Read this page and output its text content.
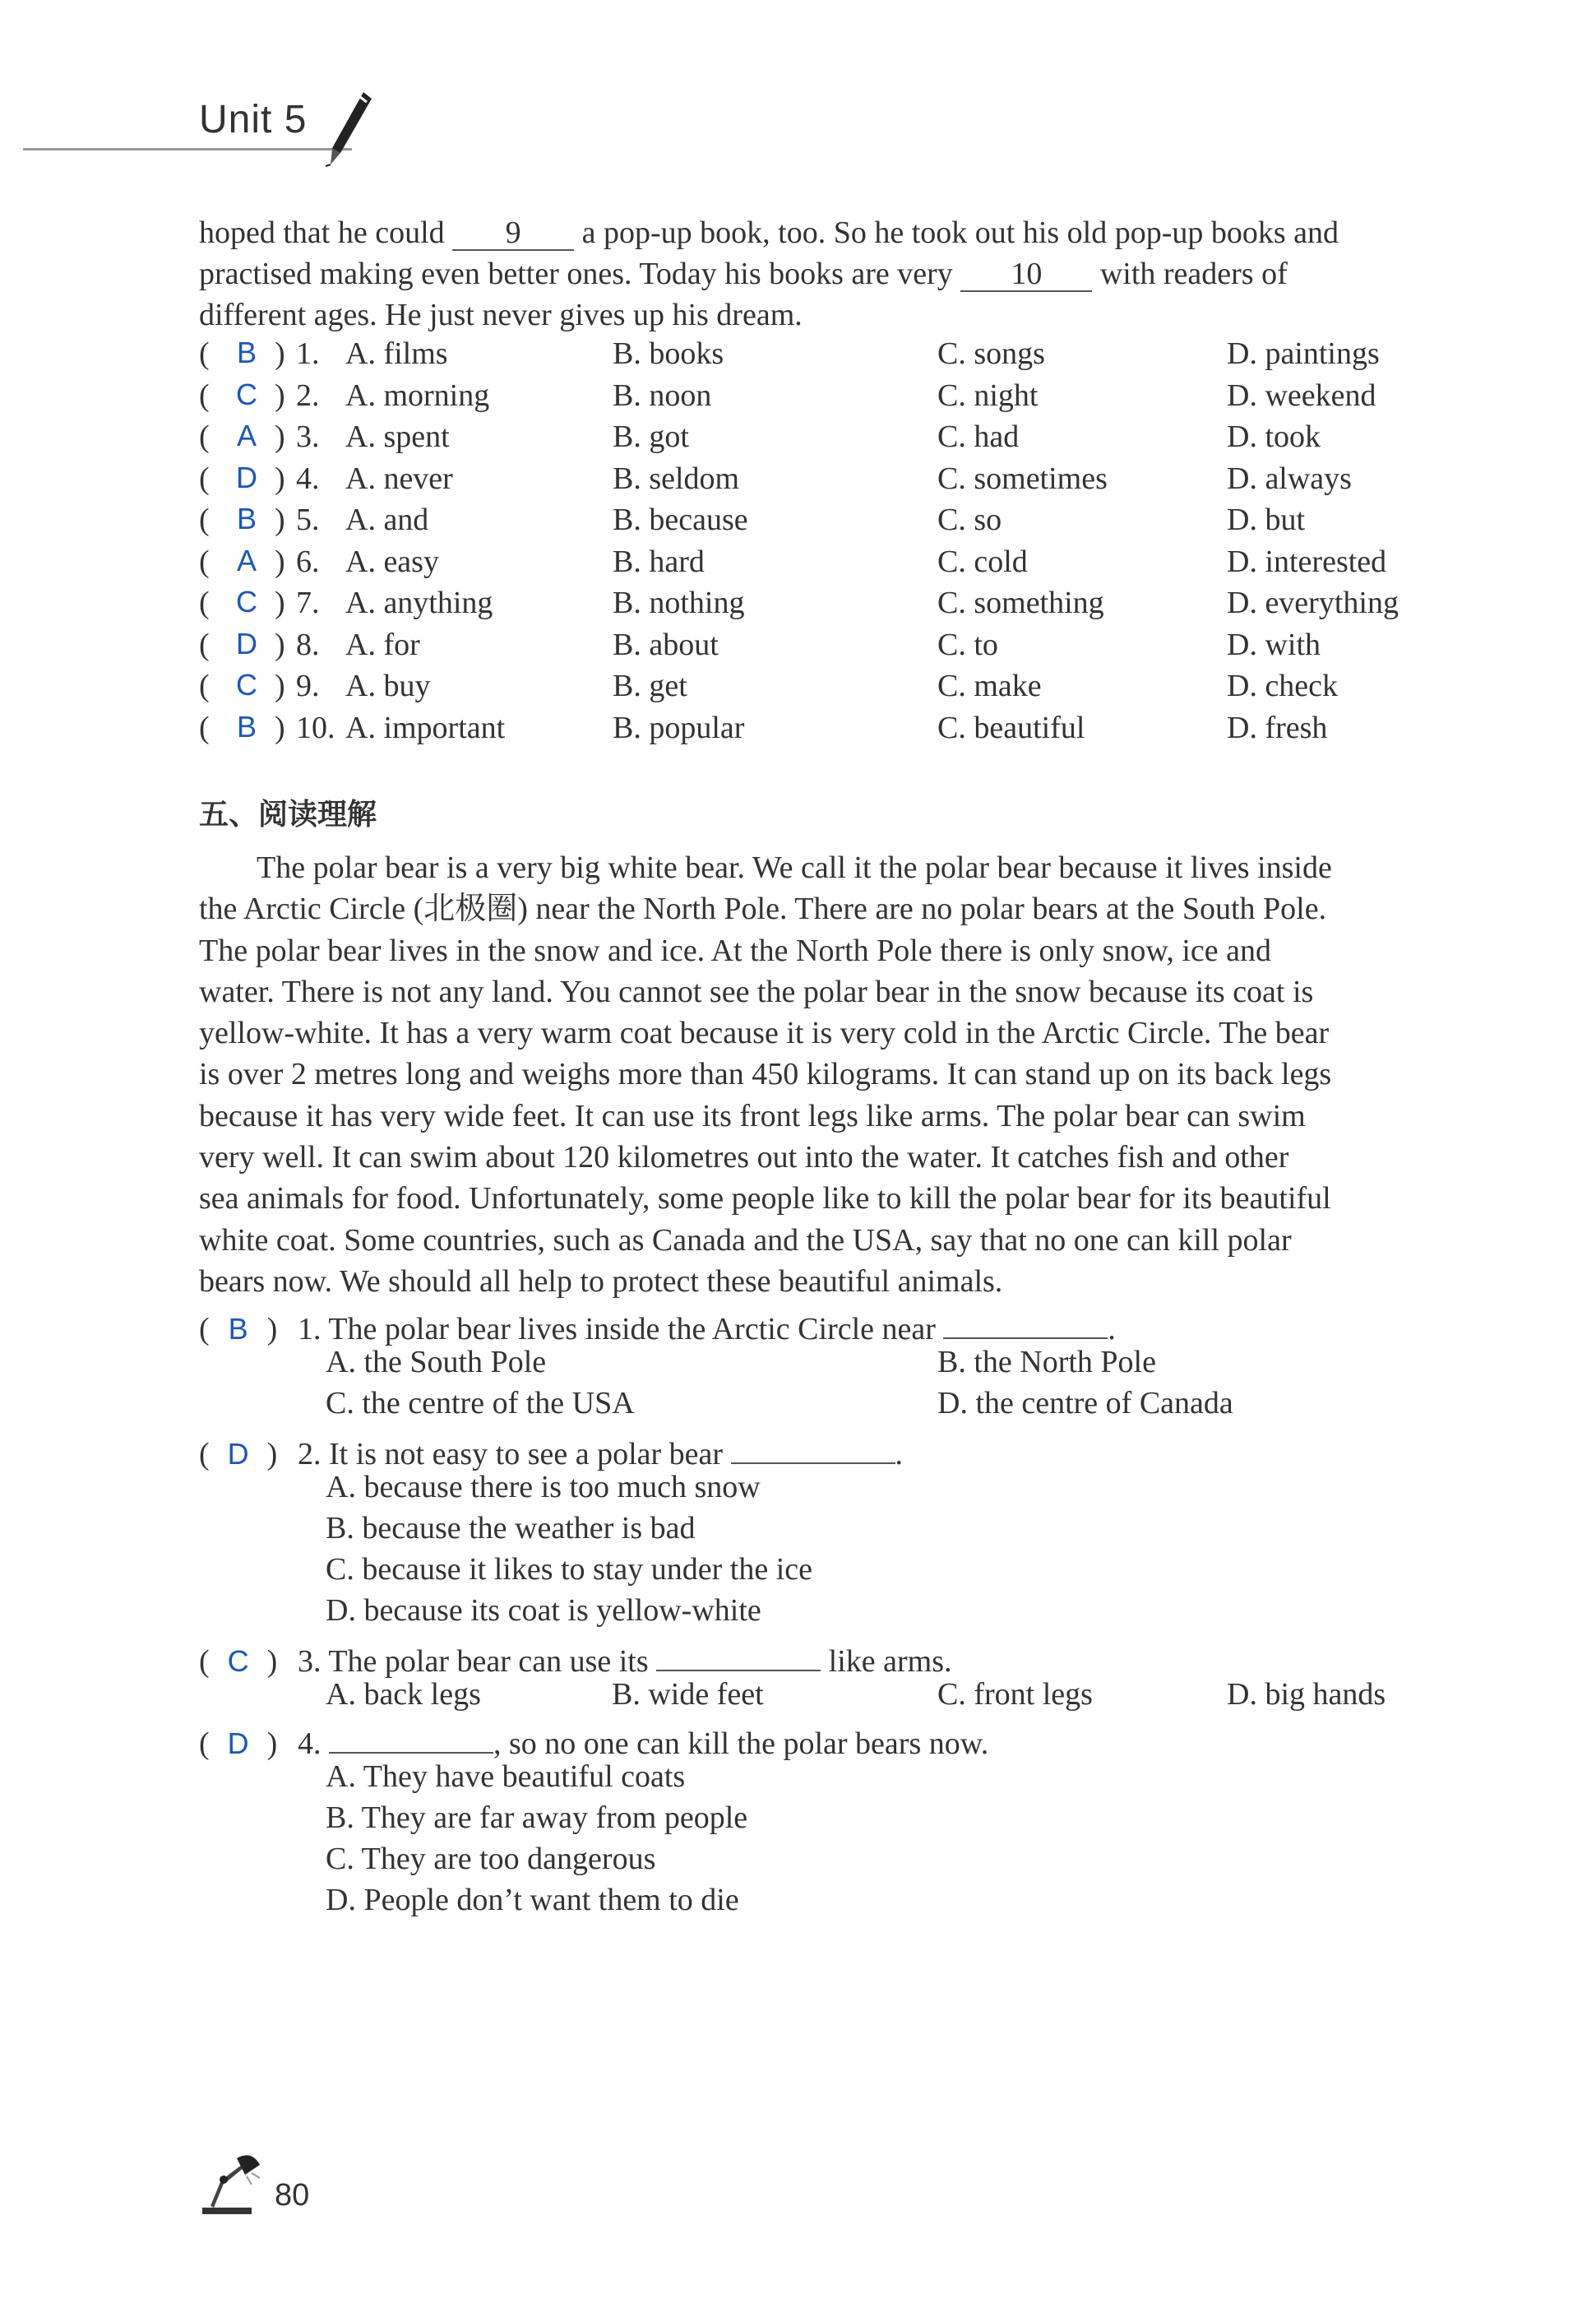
Unit 5
hoped that he could 9 a pop-up book, too. So he took out his old pop-up books and
practised making even better ones. Today his books are very 10 with readers of
different ages. He just never gives up his dream.
( B ) 1. A. films	B. books	C. songs	D. paintings
( C ) 2. A. morning	B. noon	C. night	D. weekend
( A ) 3. A. spent	B. got	C. had	D. took
( D ) 4. A. never	B. seldom	C. sometimes	D. always
( B ) 5. A. and	B. because	C. so	D. but
( A ) 6. A. easy	B. hard	C. cold	D. interested
( C ) 7. A. anything	B. nothing	C. something	D. everything
( D ) 8. A. for	B. about	C. to	D. with
( C ) 9. A. buy	B. get	C. make	D. check
( B ) 10. A. important	B. popular	C. beautiful	D. fresh
五、阅读理解
The polar bear is a very big white bear. We call it the polar bear because it lives inside
the Arctic Circle (北极圈) near the North Pole. There are no polar bears at the South Pole.
The polar bear lives in the snow and ice. At the North Pole there is only snow, ice and
water. There is not any land. You cannot see the polar bear in the snow because its coat is
yellow-white. It has a very warm coat because it is very cold in the Arctic Circle. The bear
is over 2 metres long and weighs more than 450 kilograms. It can stand up on its back legs
because it has very wide feet. It can use its front legs like arms. The polar bear can swim
very well. It can swim about 120 kilometres out into the water. It catches fish and other
sea animals for food. Unfortunately, some people like to kill the polar bear for its beautiful
white coat. Some countries, such as Canada and the USA, say that no one can kill polar
bears now. We should all help to protect these beautiful animals.
( B ) 1. The polar bear lives inside the Arctic Circle near	.
A. the South Pole	B. the North Pole
C. the centre of the USA	D. the centre of Canada
( D ) 2. It is not easy to see a polar bear	.
A. because there is too much snow
B. because the weather is bad
C. because it likes to stay under the ice
D. because its coat is yellow-white
( C ) 3. The polar bear can use its	like arms.
A. back legs	B. wide feet	C. front legs	D. big hands
( D ) 4.	, so no one can kill the polar bears now.
A. They have beautiful coats
B. They are far away from people
C. They are too dangerous
D. People don’t want them to die
80
